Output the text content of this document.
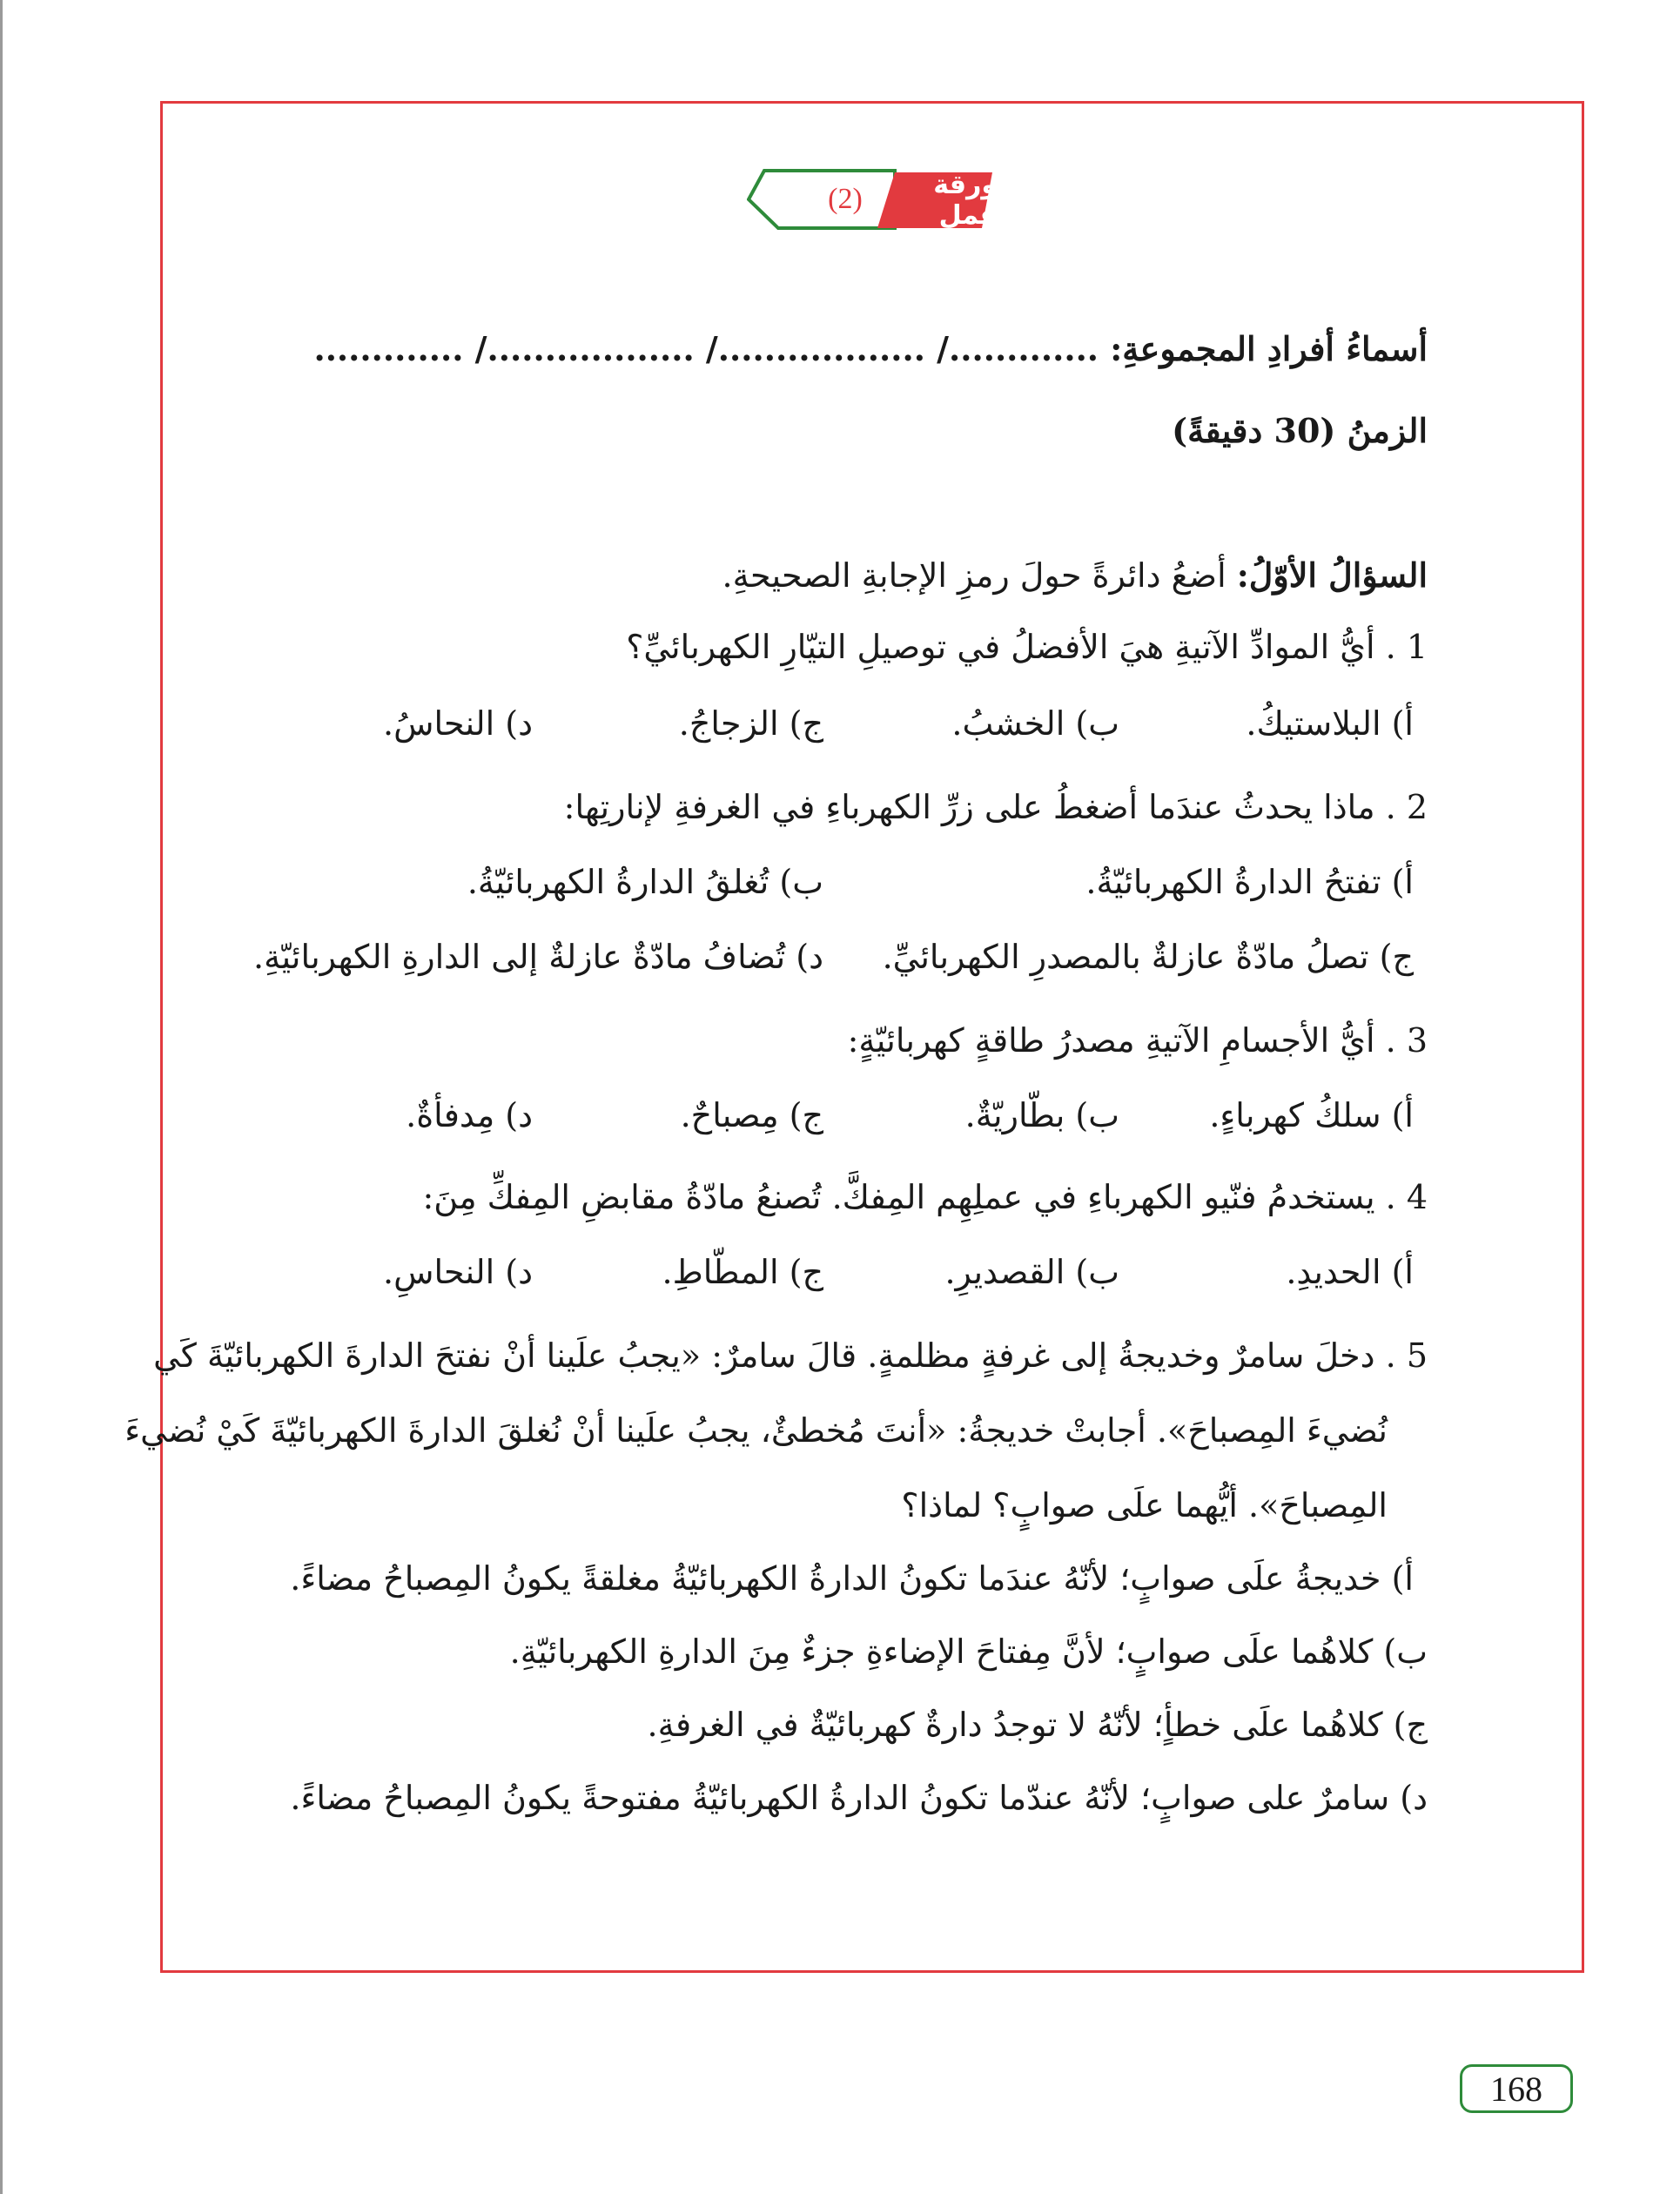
(2)	ورقة عمل
أسماءُ أفرادِ المجموعةِ: ............./ ................../ ................../ .............
الزمنُ (30 دقيقةً)
السؤالُ الأوّلُ: أضعُ دائرةً حولَ رمزِ الإجابةِ الصحيحةِ.
1 . أيُّ الموادِّ الآتيةِ هيَ الأفضلُ في توصيلِ التيّارِ الكهربائيِّ؟
أ) البلاستيكُ.
ب) الخشبُ.
ج) الزجاجُ.
د) النحاسُ.
2 . ماذا يحدثُ عندَما أضغطُ على زرِّ الكهرباءِ في الغرفةِ لإنارتِها:
أ) تفتحُ الدارةُ الكهربائيّةُ.
ب) تُغلقُ الدارةُ الكهربائيّةُ.
ج) تصلُ مادّةٌ عازلةٌ بالمصدرِ الكهربائيِّ.
د) تُضافُ مادّةٌ عازلةٌ إلى الدارةِ الكهربائيّةِ.
3 . أيُّ الأجسامِ الآتيةِ مصدرُ طاقةٍ كهربائيّةٍ:
أ) سلكُ كهرباءٍ.
ب) بطّاريّةٌ.
ج) مِصباحٌ.
د) مِدفأةٌ.
4 . يستخدمُ فنّيو الكهرباءِ في عملِهِم المِفكَّ. تُصنعُ مادّةُ مقابضِ المِفكِّ مِنَ:
أ) الحديدِ.
ب) القصديرِ.
ج) المطّاطِ.
د) النحاسِ.
5 . دخلَ سامرٌ وخديجةُ إلى غرفةٍ مظلمةٍ. قالَ سامرٌ: «يجبُ علَينا أنْ نفتحَ الدارةَ الكهربائيّةَ كَي
نُضيءَ المِصباحَ». أجابتْ خديجةُ: «أنتَ مُخطئٌ، يجبُ علَينا أنْ نُغلقَ الدارةَ الكهربائيّةَ كَيْ نُضيءَ
المِصباحَ». أيُّهما علَى صوابٍ؟ لماذا؟
أ) خديجةُ علَى صوابٍ؛ لأنّهُ عندَما تكونُ الدارةُ الكهربائيّةُ مغلقةً يكونُ المِصباحُ مضاءً.
ب) كلاهُما علَى صوابٍ؛ لأنَّ مِفتاحَ الإضاءةِ جزءٌ مِنَ الدارةِ الكهربائيّةِ.
ج) كلاهُما علَى خطأٍ؛ لأنّهُ لا توجدُ دارةٌ كهربائيّةٌ في الغرفةِ.
د) سامرٌ على صوابٍ؛ لأنّهُ عندّما تكونُ الدارةُ الكهربائيّةُ مفتوحةً يكونُ المِصباحُ مضاءً.
168
